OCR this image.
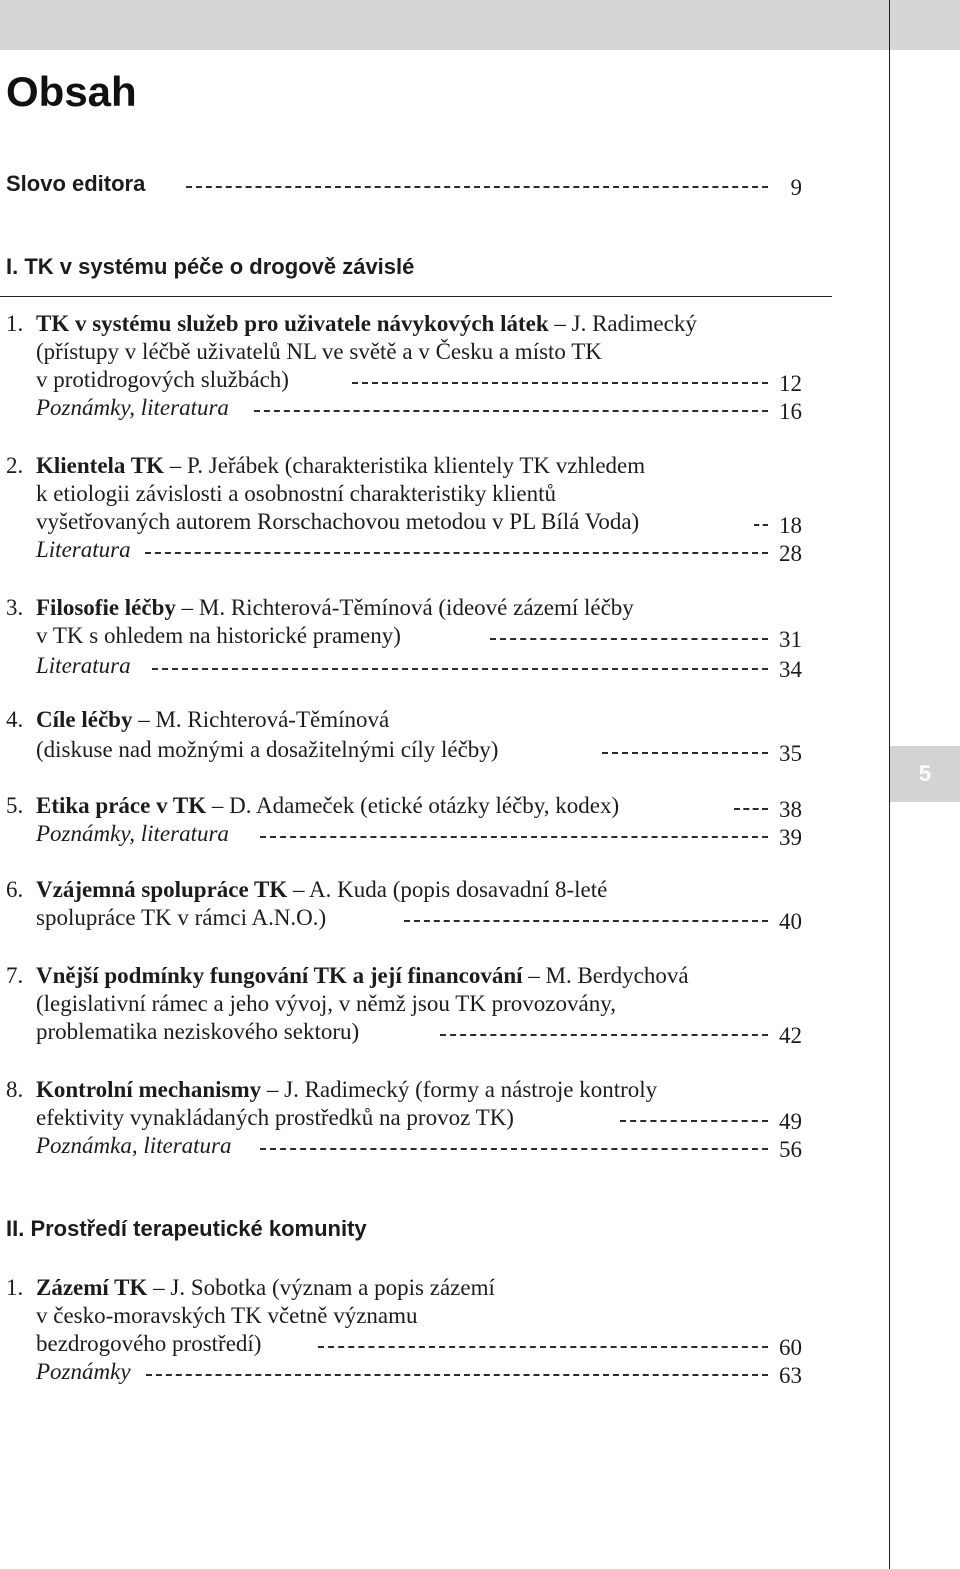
5
Obsah
Slovo editora	9
I. TK v systému péče o drogově závislé
1. TK v systému služeb pro uživatele návykových látek – J. Radimecký
(přístupy v léčbě uživatelů NL ve světě a v Česku a místo TK
v protidrogových službách)	12
Poznámky, literatura	16
2. Klientela TK – P. Jeřábek (charakteristika klientely TK vzhledem
k etiologii závislosti a osobnostní charakteristiky klientů
vyšetřovaných autorem Rorschachovou metodou v PL Bílá Voda)	18
Literatura	28
3. Filosofie léčby – M. Richterová-Těmínová (ideové zázemí léčby
v TK s ohledem na historické prameny)	31
Literatura	34
4. Cíle léčby – M. Richterová-Těmínová
(diskuse nad možnými a dosažitelnými cíly léčby)	35
5. Etika práce v TK – D. Adameček (etické otázky léčby, kodex)	38
Poznámky, literatura	39
6. Vzájemná spolupráce TK – A. Kuda (popis dosavadní 8-leté
spolupráce TK v rámci A.N.O.)	40
7. Vnější podmínky fungování TK a její financování – M. Berdychová
(legislativní rámec a jeho vývoj, v němž jsou TK provozovány,
problematika neziskového sektoru)	42
8. Kontrolní mechanismy – J. Radimecký (formy a nástroje kontroly
efektivity vynakládaných prostředků na provoz TK)	49
Poznámka, literatura	56
1. Zázemí TK – J. Sobotka (význam a popis zázemí
v česko-moravských TK včetně významu
bezdrogového prostředí)	60
Poznámky	63
II. Prostředí terapeutické komunity
